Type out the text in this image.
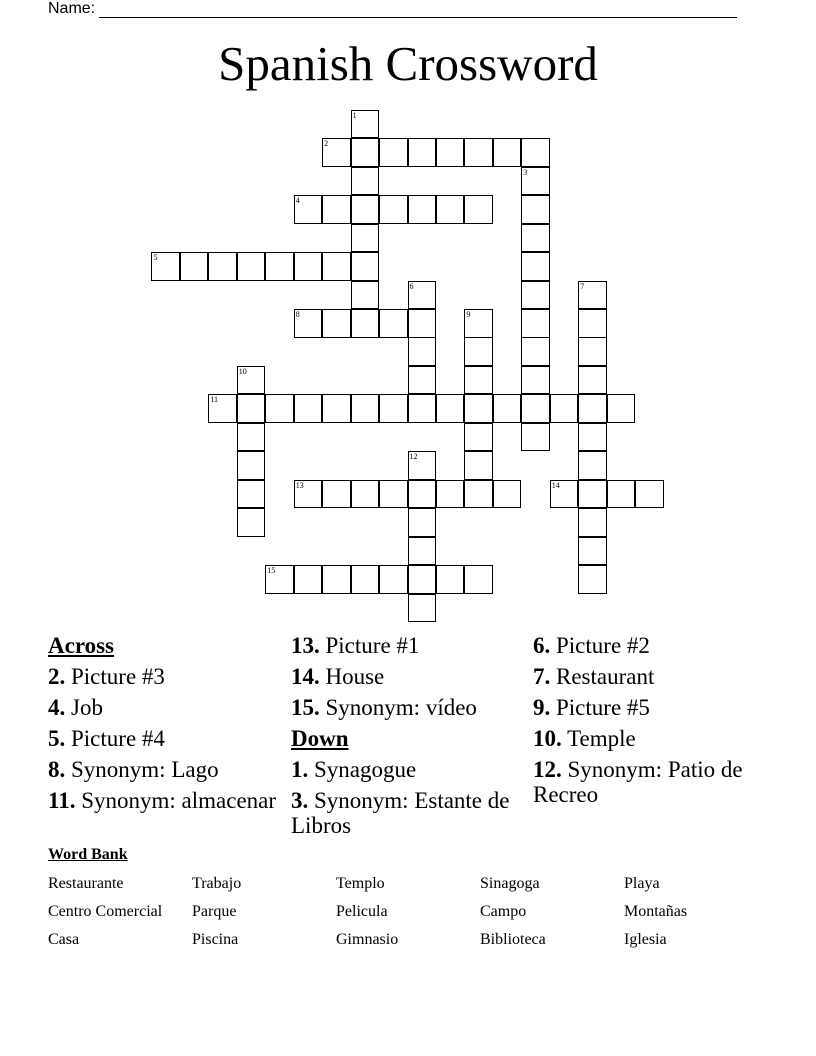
Name:
Spanish Crossword
1
2
3
4
5
6	7
8	9
10
11
12
13	14
15
Across
2. Picture #3
4. Job
5. Picture #4
8. Synonym: Lago
11. Synonym: almacenar
13. Picture #1
14. House
15. Synonym: vídeo
Down
1. Synagogue
3. Synonym: Estante de Libros
6. Picture #2
7. Restaurant
9. Picture #5
10. Temple
12. Synonym: Patio de Recreo
Word Bank
Restaurante	Trabajo	Templo	Sinagoga	Playa
Centro Comercial	Parque	Pelicula	Campo	Montañas
Casa	Piscina	Gimnasio	Biblioteca	Iglesia
